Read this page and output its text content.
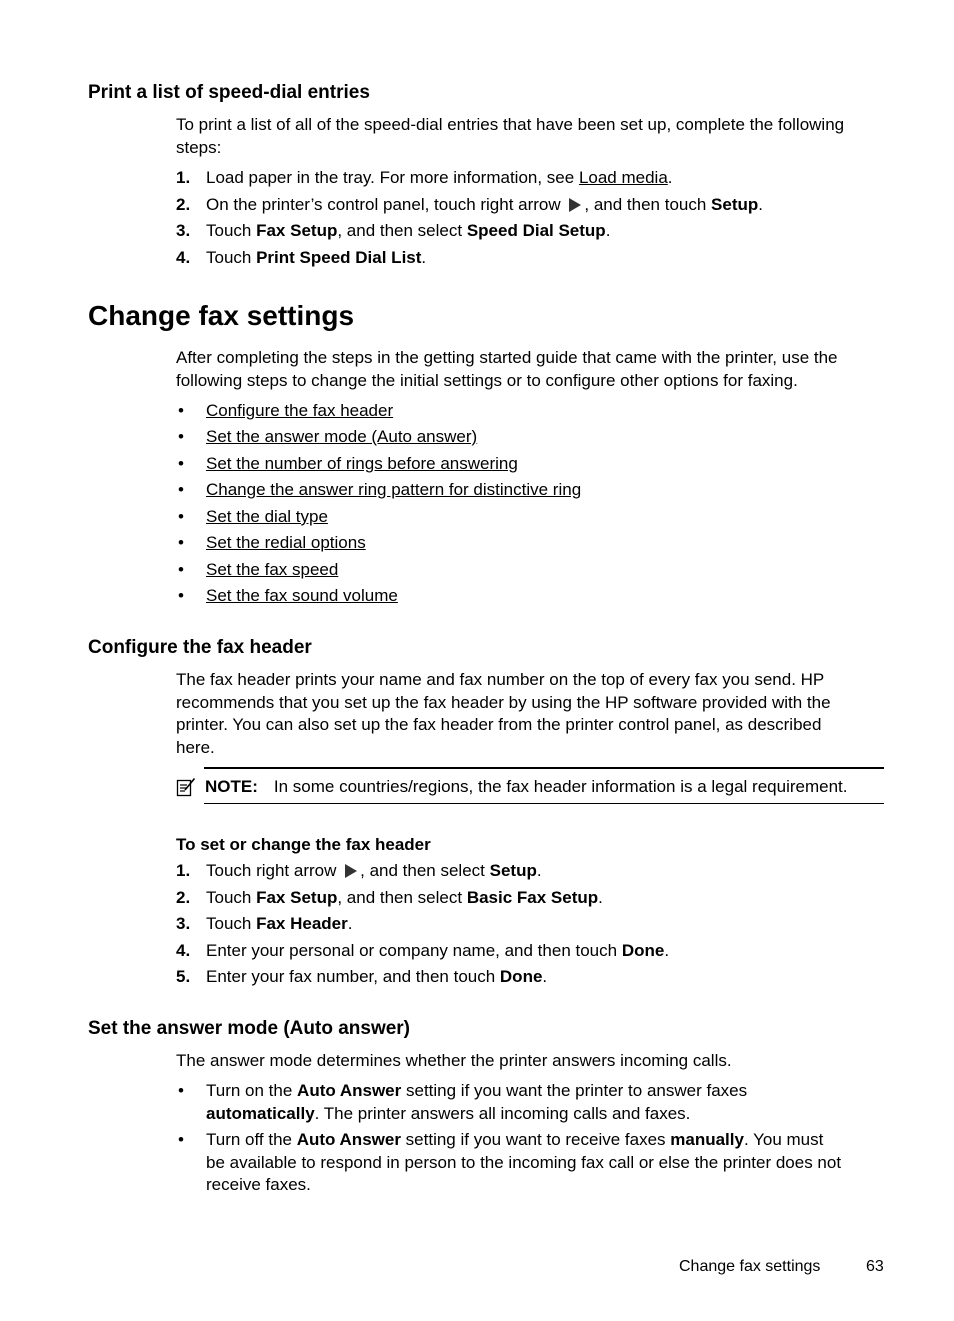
Print a list of speed-dial entries
To print a list of all of the speed-dial entries that have been set up, complete the following
steps:
1. Load paper in the tray. For more information, see Load media.
2. On the printer’s control panel, touch right arrow , and then touch Setup.
3. Touch Fax Setup, and then select Speed Dial Setup.
4. Touch Print Speed Dial List.
Change fax settings
After completing the steps in the getting started guide that came with the printer, use the
following steps to change the initial settings or to configure other options for faxing.
• Configure the fax header
• Set the answer mode (Auto answer)
• Set the number of rings before answering
• Change the answer ring pattern for distinctive ring
• Set the dial type
• Set the redial options
• Set the fax speed
• Set the fax sound volume
Configure the fax header
The fax header prints your name and fax number on the top of every fax you send. HP
recommends that you set up the fax header by using the HP software provided with the
printer. You can also set up the fax header from the printer control panel, as described
here.
NOTE: In some countries/regions, the fax header information is a legal requirement.
To set or change the fax header
1. Touch right arrow , and then select Setup.
2. Touch Fax Setup, and then select Basic Fax Setup.
3. Touch Fax Header.
4. Enter your personal or company name, and then touch Done.
5. Enter your fax number, and then touch Done.
Set the answer mode (Auto answer)
The answer mode determines whether the printer answers incoming calls.
• Turn on the Auto Answer setting if you want the printer to answer faxes
automatically. The printer answers all incoming calls and faxes.
• Turn off the Auto Answer setting if you want to receive faxes manually. You must
be available to respond in person to the incoming fax call or else the printer does not
receive faxes.
Change fax settings	63
